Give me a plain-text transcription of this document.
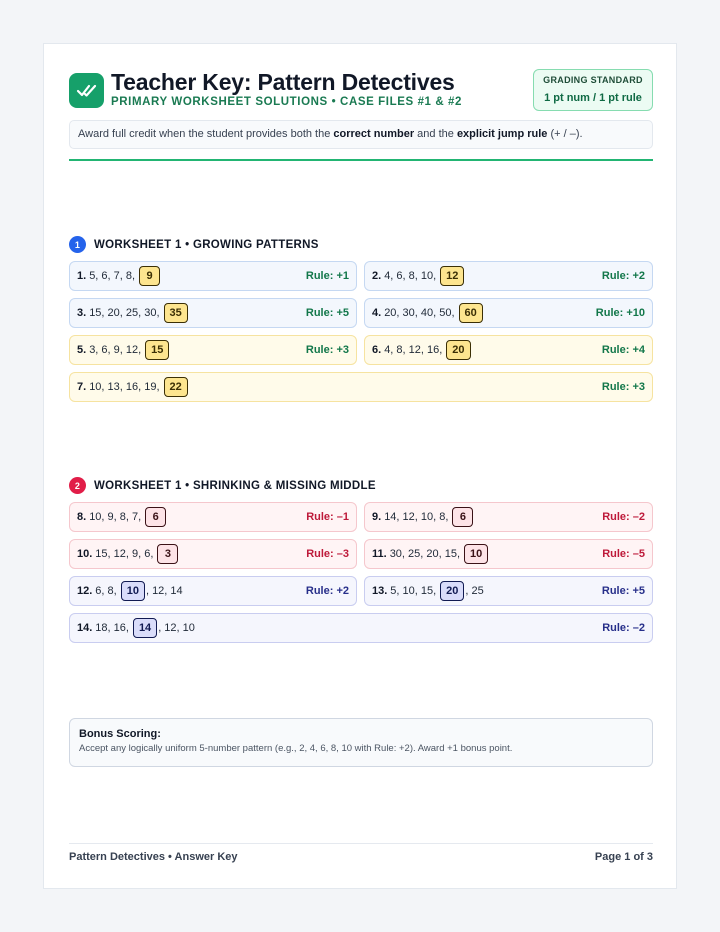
Teacher Key: Pattern Detectives
PRIMARY WORKSHEET SOLUTIONS • CASE FILES #1 & #2
GRADING STANDARD
1 pt num / 1 pt rule
Award full credit when the student provides both the correct number and the explicit jump rule (+ / –).
1	WORKSHEET 1 • GROWING PATTERNS
1. 5, 6, 7, 8,	9	Rule: +1 2. 4, 6, 8, 10, 12	Rule: +2
3. 15, 20, 25, 30, 35	Rule: +5 4. 20, 30, 40, 50, 60	Rule: +10
5. 3, 6, 9, 12, 15	Rule: +3 6. 4, 8, 12, 16, 20	Rule: +4
7. 10, 13, 16, 19, 22	Rule: +3
2	WORKSHEET 1 • SHRINKING & MISSING MIDDLE
8. 10, 9, 8, 7,	6	Rule: –1 9. 14, 12, 10, 8,	6	Rule: –2
10. 15, 12, 9, 6,	3	Rule: –3 11. 30, 25, 20, 15, 10	Rule: –5
12. 6, 8, 10 , 12, 14	Rule: +2 13. 5, 10, 15, 20 , 25	Rule: +5
14. 18, 16, 14 , 12, 10	Rule: –2
Bonus Scoring:
Accept any logically uniform 5-number pattern (e.g., 2, 4, 6, 8, 10 with Rule: +2). Award +1 bonus point.
Pattern Detectives • Answer Key	Page 1 of 3
